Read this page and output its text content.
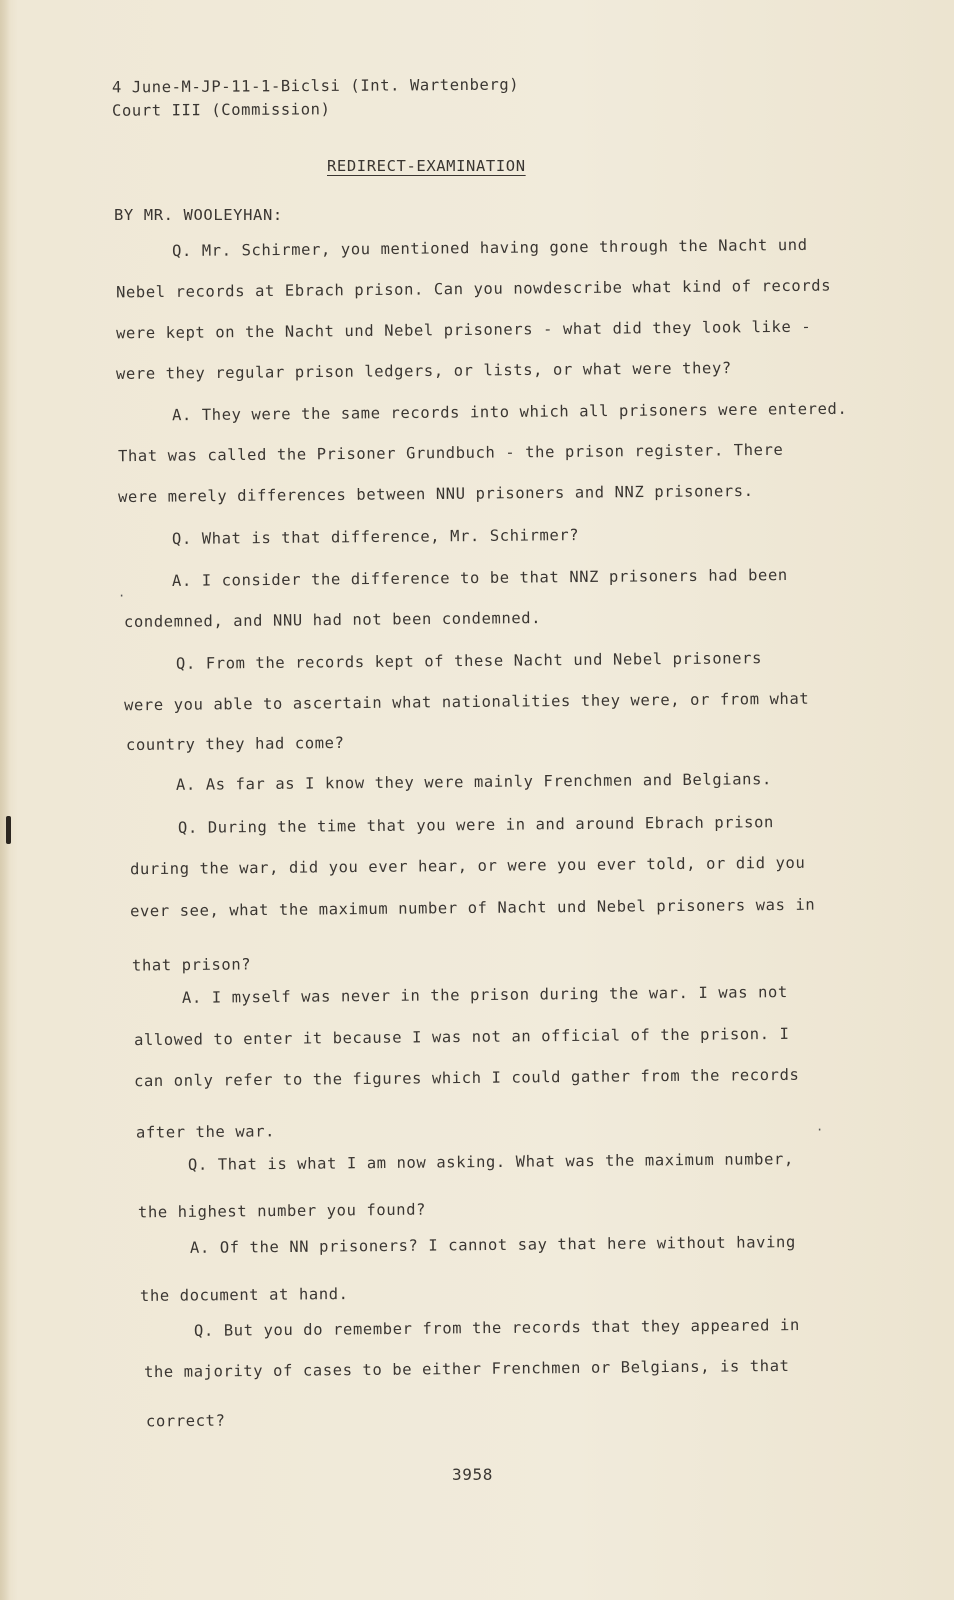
4 June-M-JP-11-1-Biclsi (Int. Wartenberg)

Court III (Commission)

REDIRECT-EXAMINATION

BY MR. WOOLEYHAN:

Q. Mr. Schirmer, you mentioned having gone through the Nacht und

Nebel records at Ebrach prison. Can you nowdescribe what kind of records

were kept on the Nacht und Nebel prisoners - what did they look like -

were they regular prison ledgers, or lists, or what were they?

A. They were the same records into which all prisoners were entered.

That was called the Prisoner Grundbuch - the prison register. There

were merely differences between NNU prisoners and NNZ prisoners.

Q. What is that difference, Mr. Schirmer?

A. I consider the difference to be that NNZ prisoners had been

condemned, and NNU had not been condemned.

Q. From the records kept of these Nacht und Nebel prisoners

were you able to ascertain what nationalities they were, or from what

country they had come?

A. As far as I know they were mainly Frenchmen and Belgians.

Q. During the time that you were in and around Ebrach prison

during the war, did you ever hear, or were you ever told, or did you

ever see, what the maximum number of Nacht und Nebel prisoners was in

that prison?

A. I myself was never in the prison during the war. I was not

allowed to enter it because I was not an official of the prison. I

can only refer to the figures which I could gather from the records

after the war.

Q. That is what I am now asking. What was the maximum number,

the highest number you found?

A. Of the NN prisoners? I cannot say that here without having

the document at hand.

Q. But you do remember from the records that they appeared in

the majority of cases to be either Frenchmen or Belgians, is that

correct?

·
·

3958
